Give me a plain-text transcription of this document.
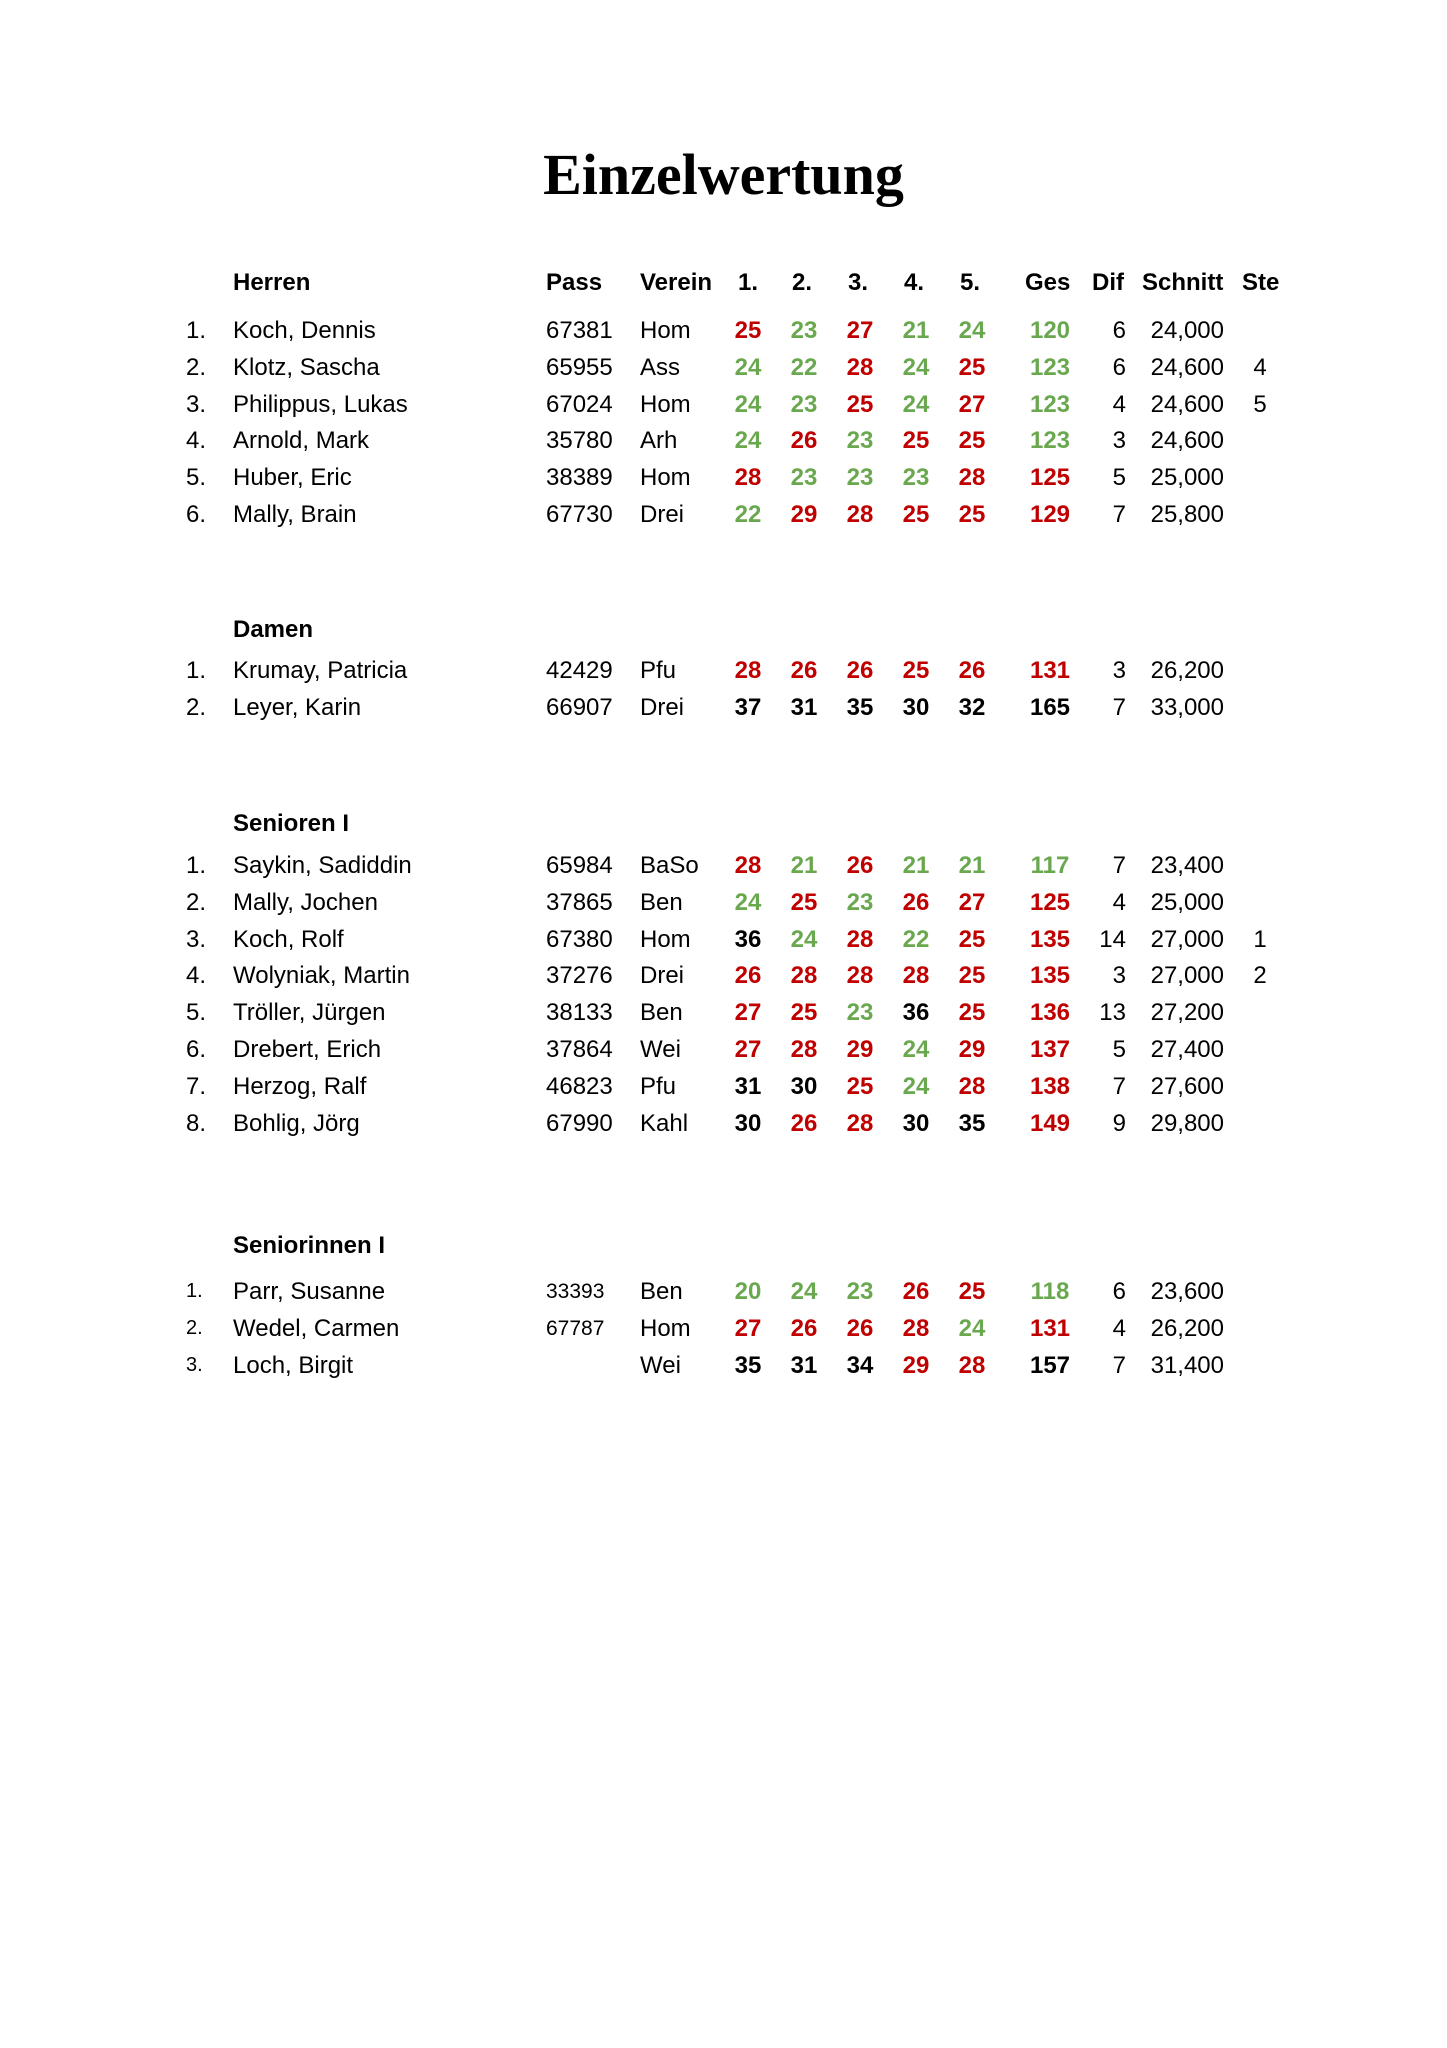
Einzelwertung
Pass Verein 1. 2. 3. 4. 5. Ges Dif Schnitt Ste
Herren
1.	Koch, Dennis	67381 Hom	25	23	27	21	24	120	6	24,000
2.	Klotz, Sascha	65955 Ass	24	22	28	24	25	123	6	24,600	4
3.	Philippus, Lukas	67024 Hom	24	23	25	24	27	123	4	24,600	5
4.	Arnold, Mark	35780 Arh	24	26	23	25	25	123	3	24,600
5.	Huber, Eric	38389 Hom	28	23	23	23	28	125	5	25,000
6.	Mally, Brain	67730 Drei	22	29	28	25	25	129	7	25,800
Damen
1.	Krumay, Patricia	42429 Pfu	28	26	26	25	26	131	3	26,200
2.	Leyer, Karin	66907 Drei	37	31	35	30	32	165	7	33,000
Senioren I
1.	Saykin, Sadiddin	65984 BaSo	28	21	26	21	21	117	7	23,400
2.	Mally, Jochen	37865 Ben	24	25	23	26	27	125	4	25,000
3.	Koch, Rolf	67380 Hom	36	24	28	22	25	135	14	27,000	1
4.	Wolyniak, Martin	37276 Drei	26	28	28	28	25	135	3	27,000	2
5.	Tröller, Jürgen	38133 Ben	27	25	23	36	25	136	13	27,200
6.	Drebert, Erich	37864 Wei	27	28	29	24	29	137	5	27,400
7.	Herzog, Ralf	46823 Pfu	31	30	25	24	28	138	7	27,600
8.	Bohlig, Jörg	67990 Kahl	30	26	28	30	35	149	9	29,800
Seniorinnen I
1.	Parr, Susanne	33393 Ben	20	24	23	26	25	118	6	23,600
2.	Wedel, Carmen	67787 Hom	27	26	26	28	24	131	4	26,200
3.	Loch, Birgit	Wei	35	31	34	29	28	157	7	31,400
